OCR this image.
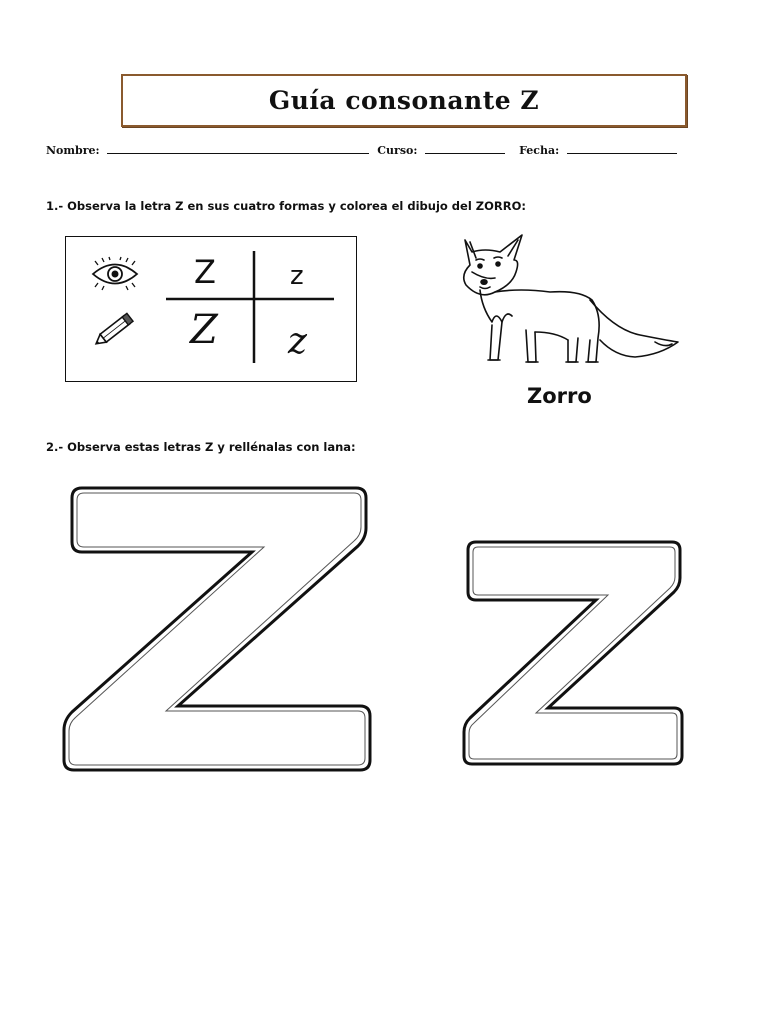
Guía consonante Z
Nombre:	Curso:	Fecha:
1.- Observa la letra Z en sus cuatro formas y colorea el dibujo del ZORRO:
Z	z
Z z
Zorro
2.- Observa estas letras Z y rellénalas con lana:
